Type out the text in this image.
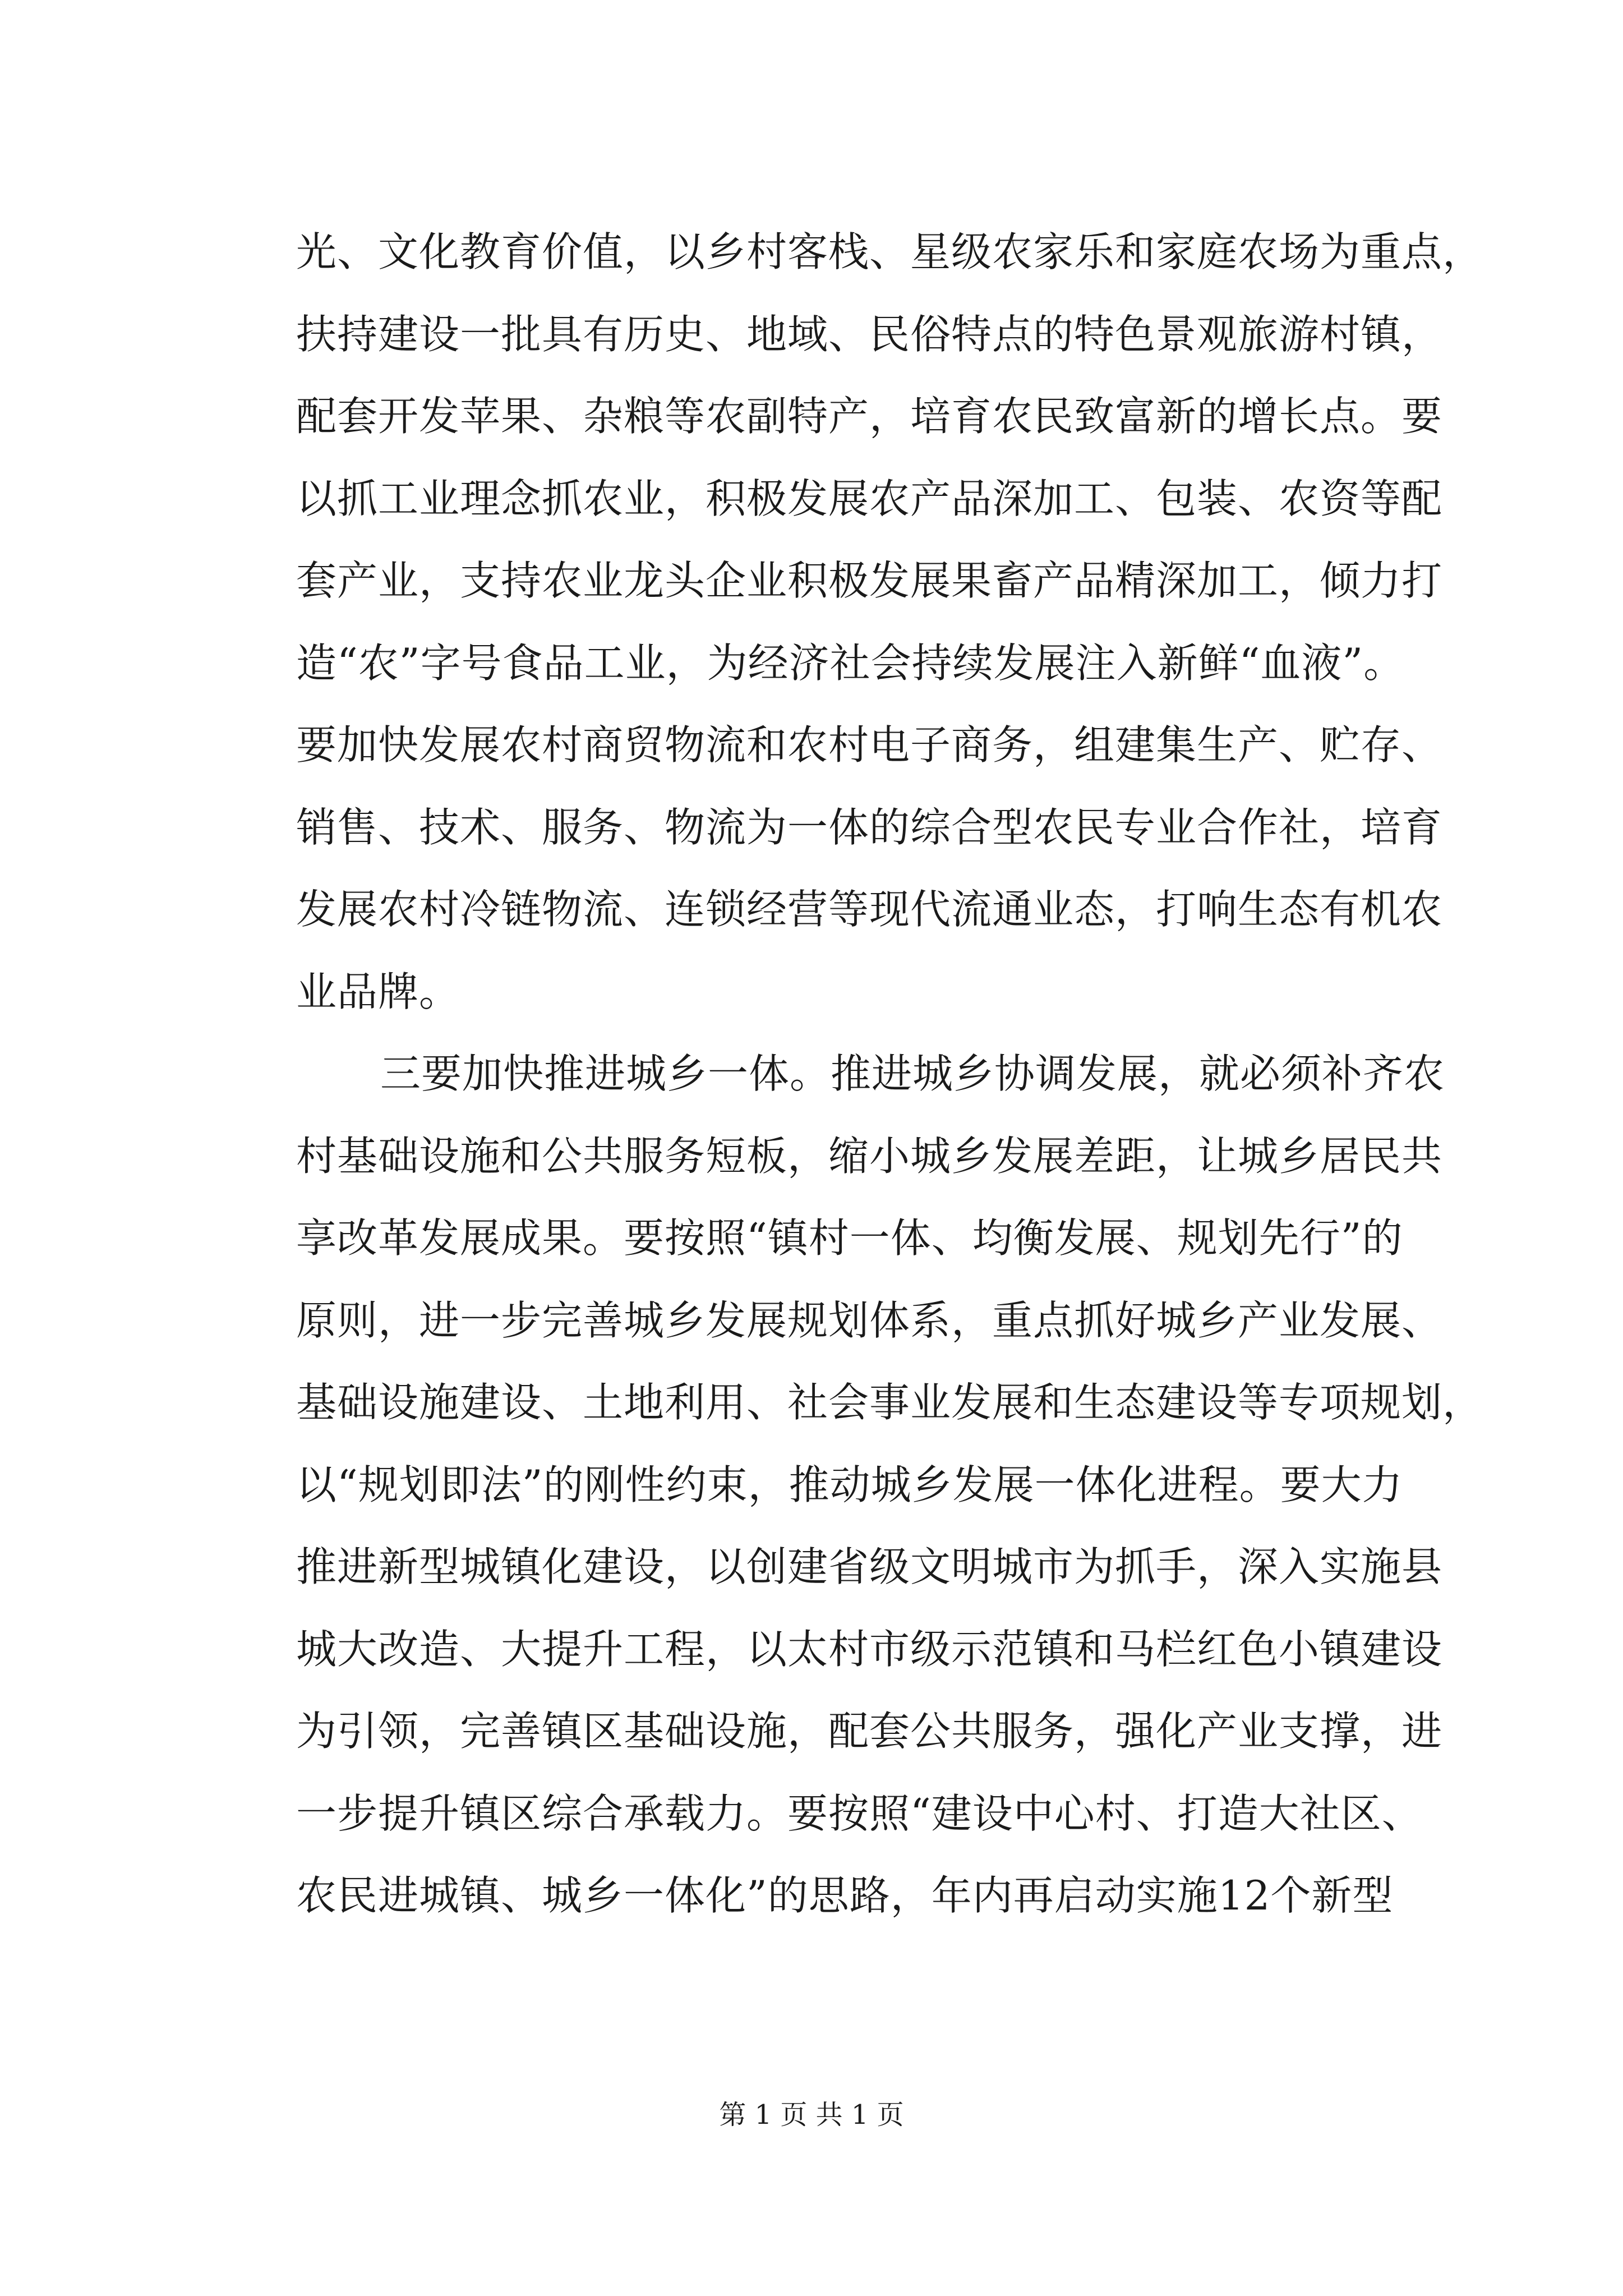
光、文化教育价值，以乡村客栈、星级农家乐和家庭农场为重点，
扶持建设一批具有历史、地域、民俗特点的特色景观旅游村镇，
配套开发苹果、杂粮等农副特产，培育农民致富新的增长点。要
以抓工业理念抓农业，积极发展农产品深加工、包装、农资等配
套产业，支持农业龙头企业积极发展果畜产品精深加工，倾力打
造“农”字号食品工业，为经济社会持续发展注入新鲜“血液”。
要加快发展农村商贸物流和农村电子商务，组建集生产、贮存、
销售、技术、服务、物流为一体的综合型农民专业合作社，培育
发展农村冷链物流、连锁经营等现代流通业态，打响生态有机农
业品牌。
三要加快推进城乡一体。推进城乡协调发展，就必须补齐农
村基础设施和公共服务短板，缩小城乡发展差距，让城乡居民共
享改革发展成果。要按照“镇村一体、均衡发展、规划先行”的
原则，进一步完善城乡发展规划体系，重点抓好城乡产业发展、
基础设施建设、土地利用、社会事业发展和生态建设等专项规划，
以“规划即法”的刚性约束，推动城乡发展一体化进程。要大力
推进新型城镇化建设，以创建省级文明城市为抓手，深入实施县
城大改造、大提升工程，以太村市级示范镇和马栏红色小镇建设
为引领，完善镇区基础设施，配套公共服务，强化产业支撑，进
一步提升镇区综合承载力。要按照“建设中心村、打造大社区、
农民进城镇、城乡一体化”的思路，年内再启动实施12个新型
第 1 页 共 1 页
